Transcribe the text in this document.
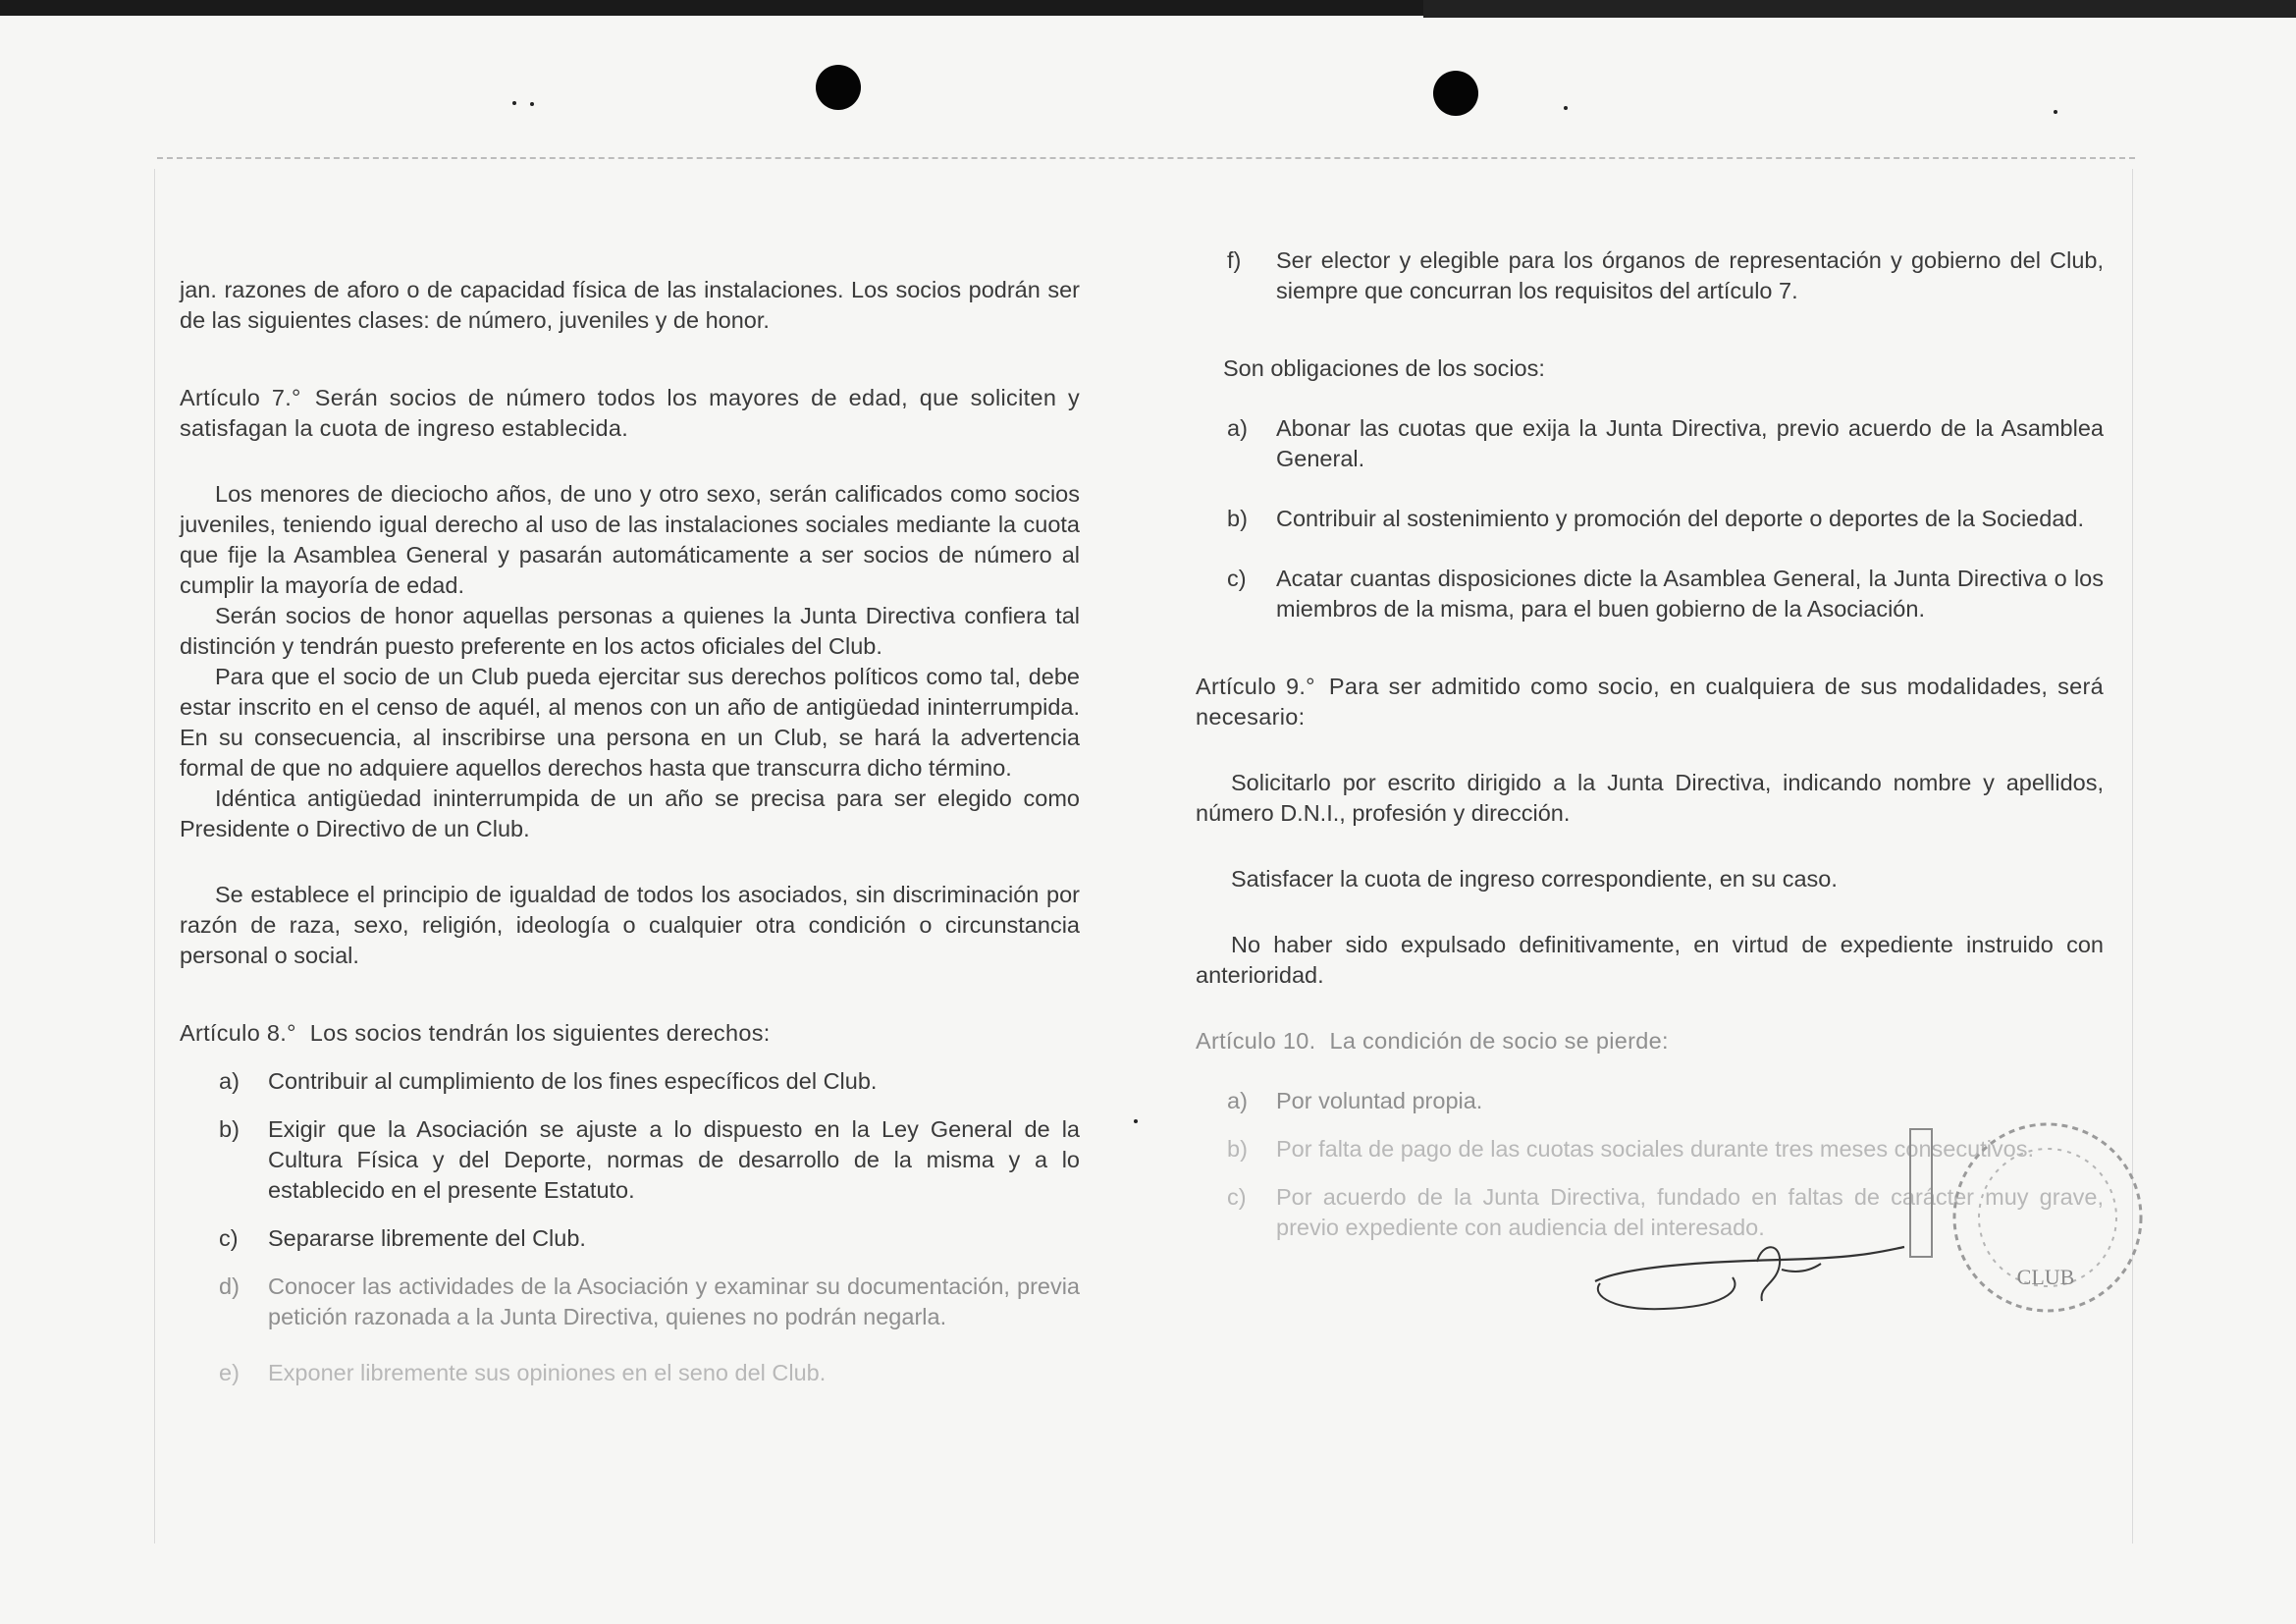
jan. razones de aforo o de capacidad física de las instalaciones. Los socios podrán ser de las siguientes clases: de número, juveniles y de honor.

Artículo 7.° Serán socios de número todos los mayores de edad, que soliciten y satisfagan la cuota de ingreso establecida.

Los menores de dieciocho años, de uno y otro sexo, serán calificados como socios juveniles, teniendo igual derecho al uso de las instalaciones sociales mediante la cuota que fije la Asamblea General y pasarán automáticamente a ser socios de número al cumplir la mayoría de edad.

Serán socios de honor aquellas personas a quienes la Junta Directiva confiera tal distinción y tendrán puesto preferente en los actos oficiales del Club.

Para que el socio de un Club pueda ejercitar sus derechos políticos como tal, debe estar inscrito en el censo de aquél, al menos con un año de antigüedad ininterrumpida. En su consecuencia, al inscribirse una persona en un Club, se hará la advertencia formal de que no adquiere aquellos derechos hasta que transcurra dicho término.

Idéntica antigüedad ininterrumpida de un año se precisa para ser elegido como Presidente o Directivo de un Club.

Se establece el principio de igualdad de todos los asociados, sin discriminación por razón de raza, sexo, religión, ideología o cualquier otra condición o circunstancia personal o social.

Artículo 8.° Los socios tendrán los siguientes derechos:

a)	Contribuir al cumplimiento de los fines específicos del Club.
b)	Exigir que la Asociación se ajuste a lo dispuesto en la Ley General de la Cultura Física y del Deporte, normas de desarrollo de la misma y a lo establecido en el presente Estatuto.
c)	Separarse libremente del Club.
d)	Conocer las actividades de la Asociación y examinar su documentación, previa petición razonada a la Junta Directiva, quienes no podrán negarla.
e)	Exponer libremente sus opiniones en el seno del Club.
f)	Ser elector y elegible para los órganos de representación y gobierno del Club, siempre que concurran los requisitos del artículo 7.

Son obligaciones de los socios:

a)	Abonar las cuotas que exija la Junta Directiva, previo acuerdo de la Asamblea General.
b)	Contribuir al sostenimiento y promoción del deporte o deportes de la Sociedad.
c)	Acatar cuantas disposiciones dicte la Asamblea General, la Junta Directiva o los miembros de la misma, para el buen gobierno de la Asociación.

Artículo 9.° Para ser admitido como socio, en cualquiera de sus modalidades, será necesario:

Solicitarlo por escrito dirigido a la Junta Directiva, indicando nombre y apellidos, número D.N.I., profesión y dirección.

Satisfacer la cuota de ingreso correspondiente, en su caso.

No haber sido expulsado definitivamente, en virtud de expediente instruido con anterioridad.

Artículo 10. La condición de socio se pierde:

a)	Por voluntad propia.
b)	Por falta de pago de las cuotas sociales durante tres meses consecutivos.
c)	Por acuerdo de la Junta Directiva, fundado en faltas de carácter muy grave, previo expediente con audiencia del interesado.
CLUB
